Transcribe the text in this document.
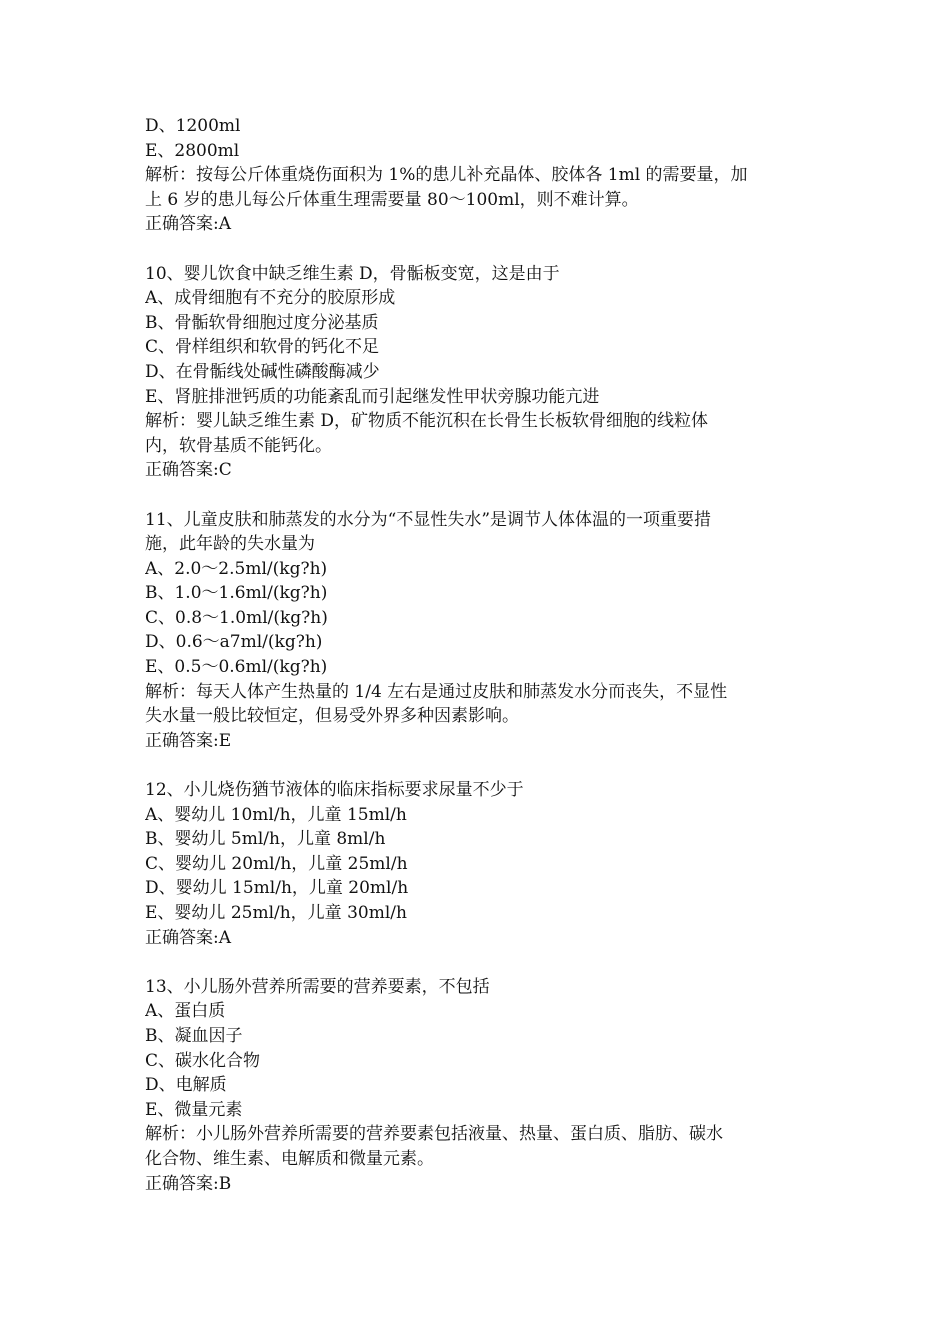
D、1200ml
E、2800ml
解析：按每公斤体重烧伤面积为 1%的患儿补充晶体、胶体各 1ml 的需要量，加
上 6 岁的患儿每公斤体重生理需要量 80～100ml，则不难计算。
正确答案:A
10、婴儿饮食中缺乏维生素 D，骨骺板变宽，这是由于
A、成骨细胞有不充分的胶原形成
B、骨骺软骨细胞过度分泌基质
C、骨样组织和软骨的钙化不足
D、在骨骺线处碱性磷酸酶减少
E、肾脏排泄钙质的功能紊乱而引起继发性甲状旁腺功能亢进
解析：婴儿缺乏维生素 D，矿物质不能沉积在长骨生长板软骨细胞的线粒体
内，软骨基质不能钙化。
正确答案:C
11、儿童皮肤和肺蒸发的水分为“不显性失水”是调节人体体温的一项重要措
施，此年龄的失水量为
A、2.0～2.5ml/(kg?h)
B、1.0～1.6ml/(kg?h)
C、0.8～1.0ml/(kg?h)
D、0.6～a7ml/(kg?h)
E、0.5～0.6ml/(kg?h)
解析：每天人体产生热量的 1/4 左右是通过皮肤和肺蒸发水分而丧失，不显性
失水量一般比较恒定，但易受外界多种因素影响。
正确答案:E
12、小儿烧伤猶节液体的临床指标要求尿量不少于
A、婴幼儿 10ml/h，儿童 15ml/h
B、婴幼儿 5ml/h，儿童 8ml/h
C、婴幼儿 20ml/h，儿童 25ml/h
D、婴幼儿 15ml/h，儿童 20ml/h
E、婴幼儿 25ml/h，儿童 30ml/h
正确答案:A
13、小儿肠外营养所需要的营养要素，不包括
A、蛋白质
B、凝血因子
C、碳水化合物
D、电解质
E、微量元素
解析：小儿肠外营养所需要的营养要素包括液量、热量、蛋白质、脂肪、碳水
化合物、维生素、电解质和微量元素。
正确答案:B
